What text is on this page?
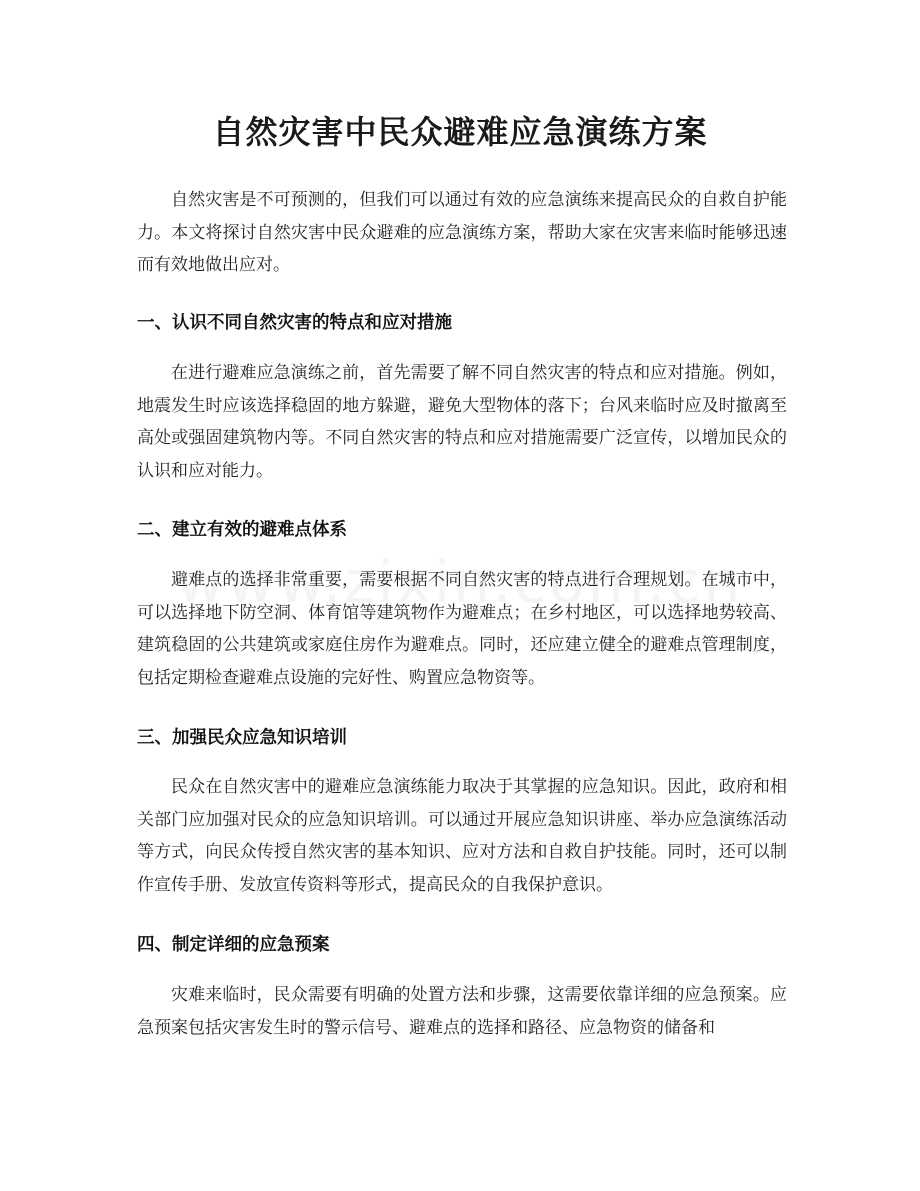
自然灾害中民众避难应急演练方案

自然灾害是不可预测的，但我们可以通过有效的应急演练来提高民众的自救自护能力。本文将探讨自然灾害中民众避难的应急演练方案，帮助大家在灾害来临时能够迅速而有效地做出应对。

一、认识不同自然灾害的特点和应对措施

在进行避难应急演练之前，首先需要了解不同自然灾害的特点和应对措施。例如，地震发生时应该选择稳固的地方躲避，避免大型物体的落下；台风来临时应及时撤离至高处或强固建筑物内等。不同自然灾害的特点和应对措施需要广泛宣传，以增加民众的认识和应对能力。

二、建立有效的避难点体系

避难点的选择非常重要，需要根据不同自然灾害的特点进行合理规划。在城市中，可以选择地下防空洞、体育馆等建筑物作为避难点；在乡村地区，可以选择地势较高、建筑稳固的公共建筑或家庭住房作为避难点。同时，还应建立健全的避难点管理制度，包括定期检查避难点设施的完好性、购置应急物资等。

三、加强民众应急知识培训

民众在自然灾害中的避难应急演练能力取决于其掌握的应急知识。因此，政府和相关部门应加强对民众的应急知识培训。可以通过开展应急知识讲座、举办应急演练活动等方式，向民众传授自然灾害的基本知识、应对方法和自救自护技能。同时，还可以制作宣传手册、发放宣传资料等形式，提高民众的自我保护意识。

四、制定详细的应急预案

灾难来临时，民众需要有明确的处置方法和步骤，这需要依靠详细的应急预案。应急预案包括灾害发生时的警示信号、避难点的选择和路径、应急物资的储备和
